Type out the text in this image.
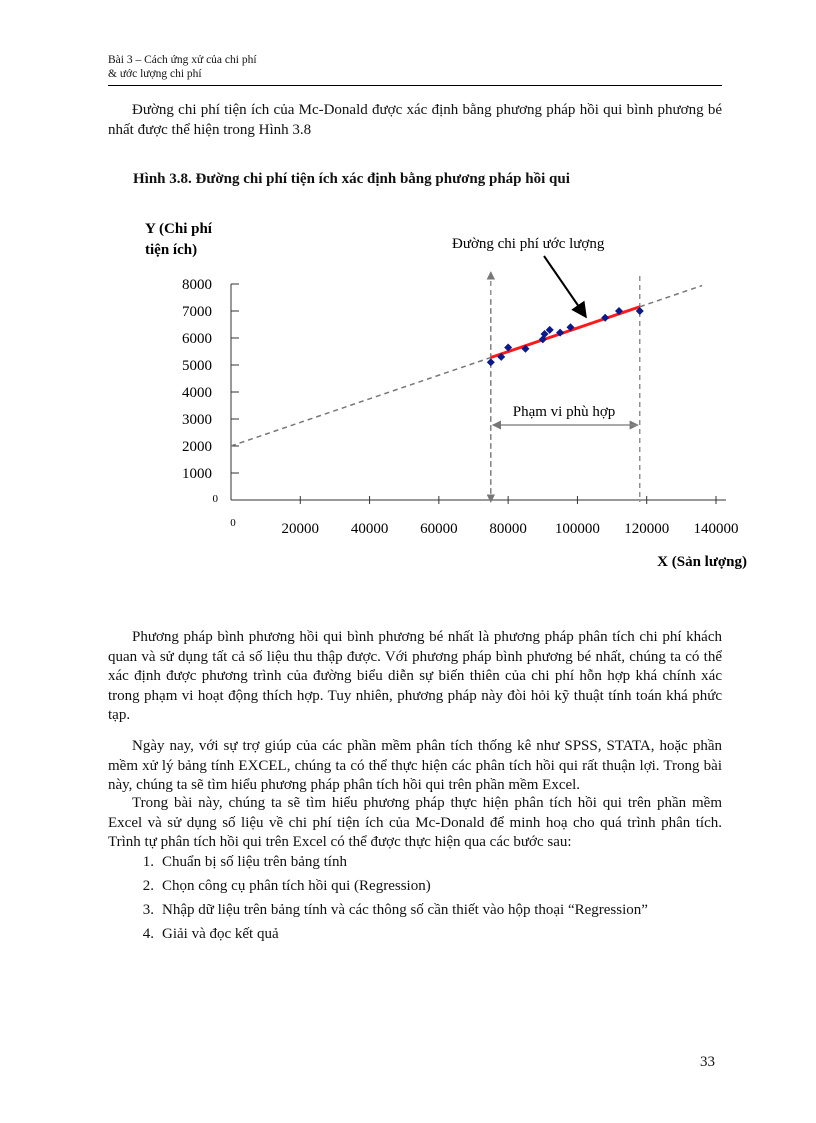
Bài 3 – Cách ứng xử của chi phí
& ước lượng chi phí

Đường chi phí tiện ích của Mc-Donald được xác định bằng phương pháp hồi qui bình phương bé nhất được thể hiện trong Hình 3.8

Hình 3.8. Đường chi phí tiện ích xác định bằng phương pháp hồi qui

Y (Chi phí
tiện ích)
X (Sản lượng)
Đường chi phí ước lượng
Phạm vi phù hợp
0
1000
2000
3000
4000
5000
6000
7000
8000
0	20000 40000 60000 80000 100000 120000 140000

Phương pháp bình phương hồi qui bình phương bé nhất là phương pháp phân tích chi phí khách quan và sử dụng tất cả số liệu thu thập được. Với phương pháp bình phương bé nhất, chúng ta có thể xác định được phương trình của đường biểu diễn sự biến thiên của chi phí hỗn hợp khá chính xác trong phạm vi hoạt động thích hợp. Tuy nhiên, phương pháp này đòi hỏi kỹ thuật tính toán khá phức tạp.

Ngày nay, với sự trợ giúp của các phần mềm phân tích thống kê như SPSS, STATA, hoặc phần mềm xử lý bảng tính EXCEL, chúng ta có thể thực hiện các phân tích hồi qui rất thuận lợi. Trong bài này, chúng ta sẽ tìm hiểu phương pháp phân tích hồi qui trên phần mềm Excel.

Trong bài này, chúng ta sẽ tìm hiểu phương pháp thực hiện phân tích hồi qui trên phần mềm Excel và sử dụng số liệu về chi phí tiện ích của Mc-Donald để minh hoạ cho quá trình phân tích. Trình tự phân tích hồi qui trên Excel có thể được thực hiện qua các bước sau:

1. Chuẩn bị số liệu trên bảng tính
2. Chọn công cụ phân tích hồi qui (Regression)
3. Nhập dữ liệu trên bảng tính và các thông số cần thiết vào hộp thoại “Regression”
4. Giải và đọc kết quả
33
